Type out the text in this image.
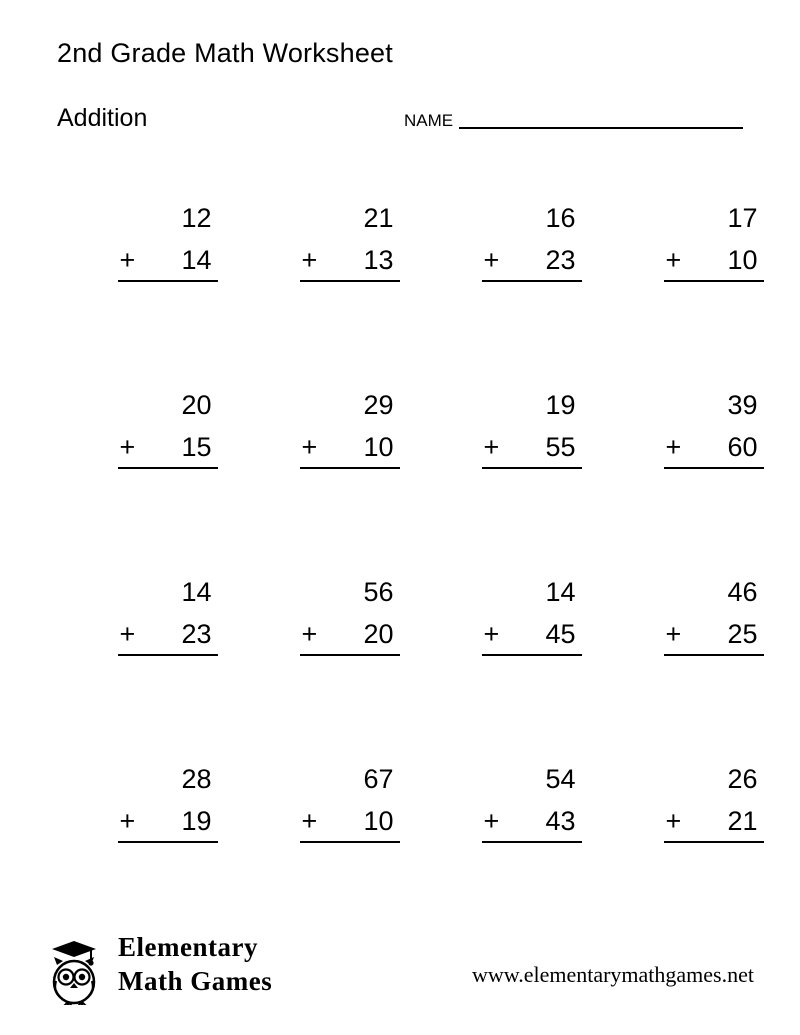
2nd Grade Math Worksheet
Addition	NAME
12
+ 14
21
+ 13
16
+ 23
17
+ 10
20
+ 15
29
+ 10
19
+ 55
39
+ 60
14
+ 23
56
+ 20
14
+ 45
46
+ 25
28
+ 19
67
+ 10
54
+ 43
26
+ 21
Elementary
Math Games	www.elementarymathgames.net
